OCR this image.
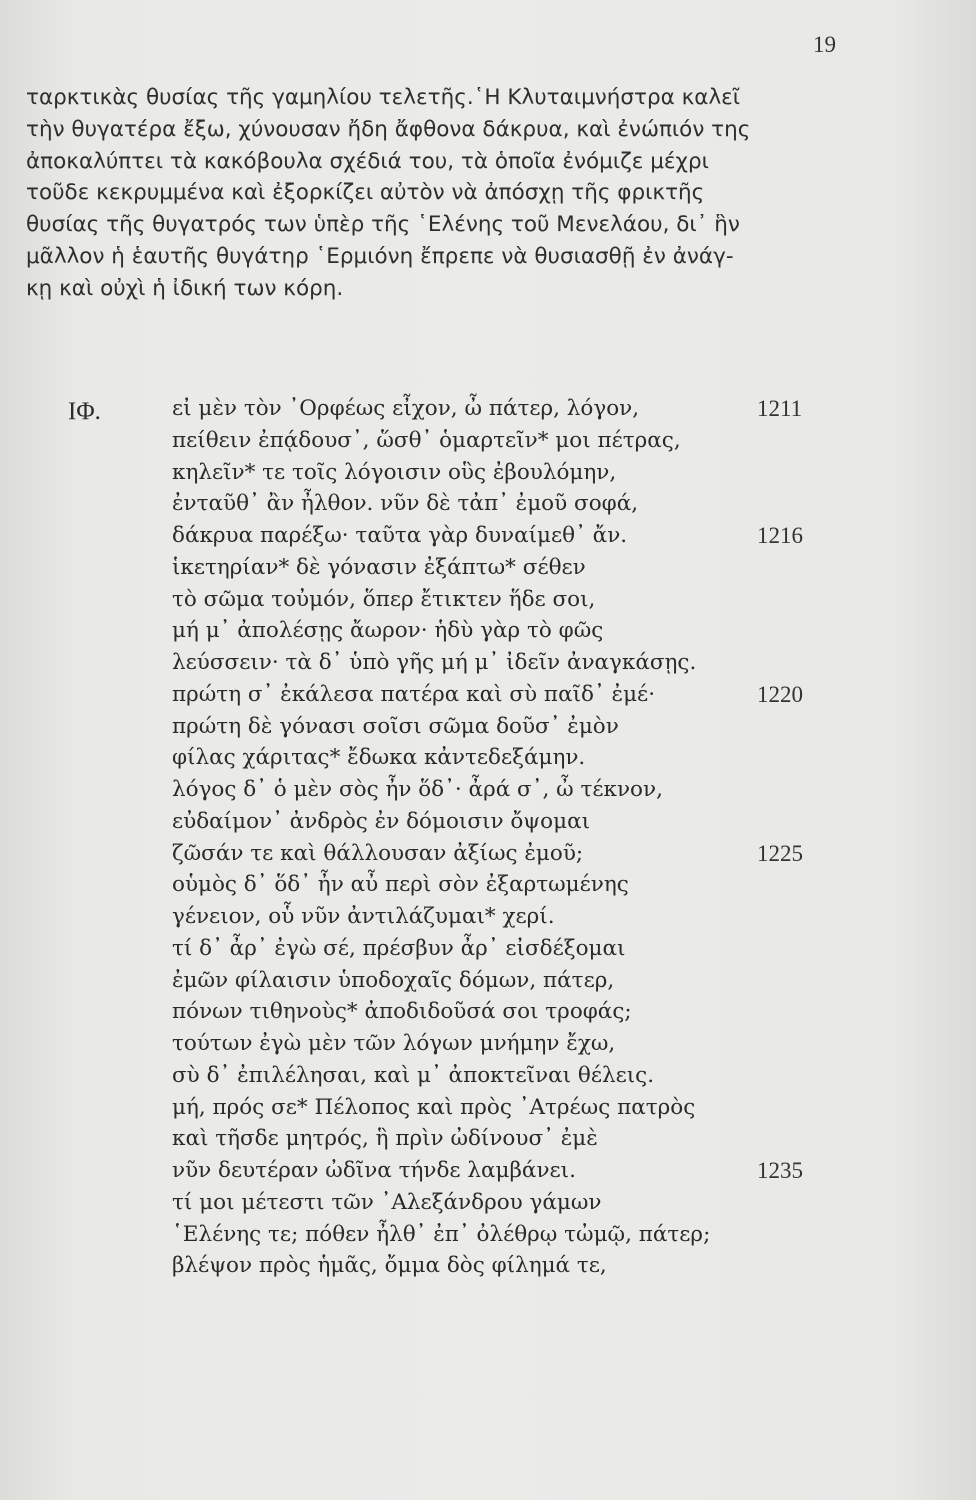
19

ταρκτικὰς θυσίας τῆς γαμηλίου τελετῆς.῾Η Κλυταιμνήστρα καλεῖ
τὴν θυγατέρα ἔξω, χύνουσαν ἤδη ἄφθονα δάκρυα, καὶ ἐνώπιόν της
ἀποκαλύπτει τὰ κακόβουλα σχέδιά του, τὰ ὁποῖα ἐνόμιζε μέχρι
τοῦδε κεκρυμμένα καὶ ἐξορκίζει αὐτὸν νὰ ἀπόσχῃ τῆς φρικτῆς
θυσίας τῆς θυγατρός των ὑπὲρ τῆς ῾Ελένης τοῦ Μενελάου, δι᾽ ἣν
μᾶλλον ἡ ἑαυτῆς θυγάτηρ ῾Ερμιόνη ἔπρεπε νὰ θυσιασθῇ ἐν ἀνάγ-
κῃ καὶ οὐχὶ ἡ ἰδική των κόρη.

ΙΦ.	εἰ μὲν τὸν ᾿Ορφέως εἶχον, ὦ πάτερ, λόγον,	1211
πείθειν ἐπᾴδουσ᾽, ὥσθ᾽ ὁμαρτεῖν* μοι πέτρας,
κηλεῖν* τε τοῖς λόγοισιν οὓς ἐβουλόμην,
ἐνταῦθ᾽ ἂν ἦλθον. νῦν δὲ τἀπ᾽ ἐμοῦ σοφά,
δάκρυα παρέξω· ταῦτα γὰρ δυναίμεθ᾽ ἄν.	1216
ἱκετηρίαν* δὲ γόνασιν ἐξάπτω* σέθεν
τὸ σῶμα τοὐμόν, ὅπερ ἔτικτεν ἥδε σοι,
μή μ᾽ ἀπολέσῃς ἄωρον· ἡδὺ γὰρ τὸ φῶς
λεύσσειν· τὰ δ᾽ ὑπὸ γῆς μή μ᾽ ἰδεῖν ἀναγκάσῃς.
πρώτη σ᾽ ἐκάλεσα πατέρα καὶ σὺ παῖδ᾽ ἐμέ·	1220
πρώτη δὲ γόνασι σοῖσι σῶμα δοῦσ᾽ ἐμὸν
φίλας χάριτας* ἔδωκα κἀντεδεξάμην.
λόγος δ᾽ ὁ μὲν σὸς ἦν ὅδ᾽· ἆρά σ᾽, ὦ τέκνον,
εὐδαίμον᾽ ἀνδρὸς ἐν δόμοισιν ὄψομαι
ζῶσάν τε καὶ θάλλουσαν ἀξίως ἐμοῦ;	1225
οὑμὸς δ᾽ ὅδ᾽ ἦν αὖ περὶ σὸν ἐξαρτωμένης
γένειον, οὗ νῦν ἀντιλάζυμαι* χερί.
τί δ᾽ ἆρ᾽ ἐγὼ σέ, πρέσβυν ἆρ᾽ εἰσδέξομαι
ἐμῶν φίλαισιν ὑποδοχαῖς δόμων, πάτερ,
πόνων τιθηνοὺς* ἀποδιδοῦσά σοι τροφάς;
τούτων ἐγὼ μὲν τῶν λόγων μνήμην ἔχω,
σὺ δ᾽ ἐπιλέλησαι, καὶ μ᾽ ἀποκτεῖναι θέλεις.
μή, πρός σε* Πέλοπος καὶ πρὸς ᾿Ατρέως πατρὸς
καὶ τῆσδε μητρός, ἣ πρὶν ὠδίνουσ᾽ ἐμὲ
νῦν δευτέραν ὠδῖνα τήνδε λαμβάνει.	1235
τί μοι μέτεστι τῶν ᾿Αλεξάνδρου γάμων
῾Ελένης τε; πόθεν ἦλθ᾽ ἐπ᾽ ὀλέθρῳ τὠμῷ, πάτερ;
βλέψον πρὸς ἡμᾶς, ὄμμα δὸς φίλημά τε,
